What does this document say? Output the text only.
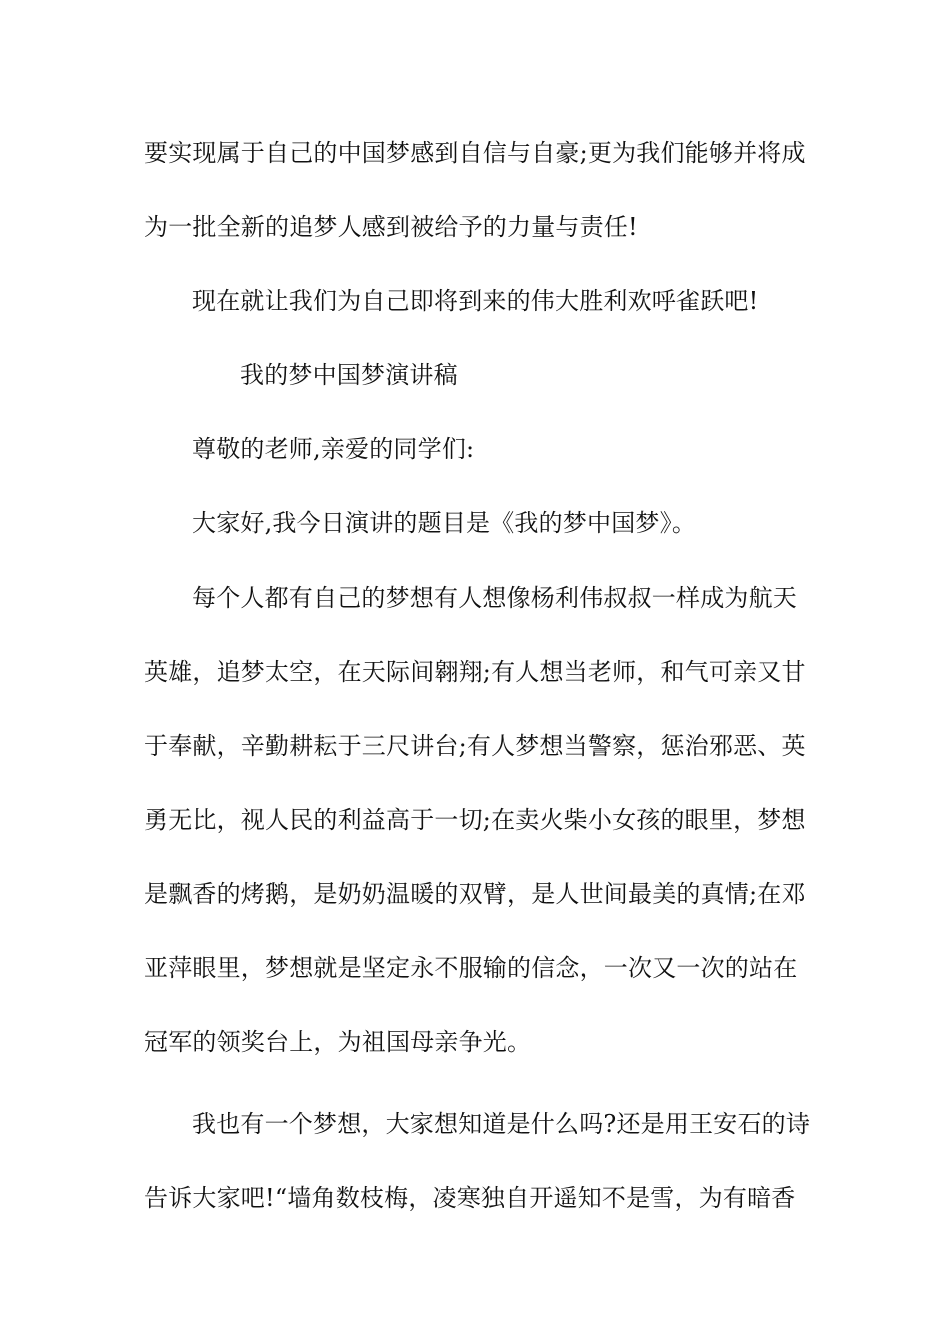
要实现属于自己的中国梦感到自信与自豪;更为我们能够并将成
为一批全新的追梦人感到被给予的力量与责任!
现在就让我们为自己即将到来的伟大胜利欢呼雀跃吧!
我的梦中国梦演讲稿
尊敬的老师,亲爱的同学们:
大家好,我今日演讲的题目是《我的梦中国梦》。
每个人都有自己的梦想有人想像杨利伟叔叔一样成为航天
英雄，追梦太空，在天际间翱翔;有人想当老师，和气可亲又甘
于奉献，辛勤耕耘于三尺讲台;有人梦想当警察，惩治邪恶、英
勇无比，视人民的利益高于一切;在卖火柴小女孩的眼里，梦想
是飘香的烤鹅，是奶奶温暖的双臂，是人世间最美的真情;在邓
亚萍眼里，梦想就是坚定永不服输的信念，一次又一次的站在
冠军的领奖台上，为祖国母亲争光。
我也有一个梦想，大家想知道是什么吗?还是用王安石的诗
告诉大家吧!“墙角数枝梅，凌寒独自开遥知不是雪，为有暗香
